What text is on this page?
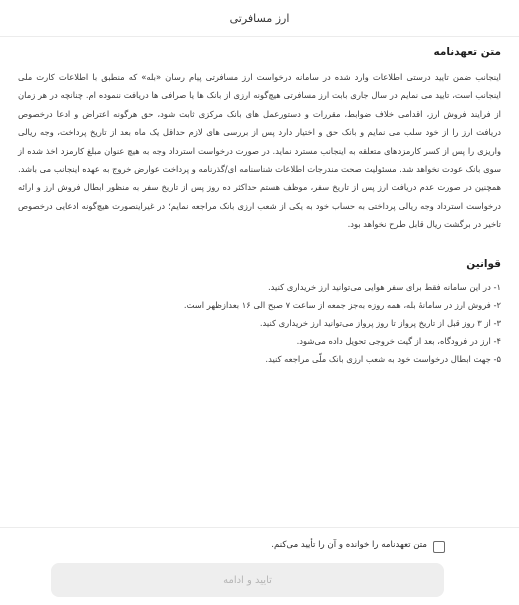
ارز مسافرتی
متن تعهدنامه

اینجانب ضمن تایید درستی اطلاعات وارد شده در سامانه درخواست ارز مسافرتی پیام رسان «بله» که منطبق با اطلاعات کارت ملی اینجانب است، تایید می نمایم در سال جاری بابت ارز مسافرتی هیچ‌گونه ارزی از بانک ها یا صرافی ها دریافت ننموده ام. چنانچه در هر زمان از فرایند فروش ارز، اقدامی خلاف ضوابط، مقررات و دستورعمل های بانک مرکزی ثابت شود، حق هرگونه اعتراض و ادعا درخصوص دریافت ارز را از خود سلب می نمایم و بانک حق و اختیار دارد پس از بررسی های لازم حداقل یک ماه بعد از تاریخ پرداخت، وجه ریالی واریزی را پس از کسر کارمزدهای متعلقه به اینجانب مسترد نماید. در صورت درخواست استرداد وجه به هیچ عنوان مبلغ کارمزد اخذ شده از سوی بانک عودت نخواهد شد. مسئولیت صحت مندرجات اطلاعات شناسنامه ای/گذرنامه و پرداخت عوارض خروج به عهده اینجانب می باشد. همچنین در صورت عدم دریافت ارز پس از تاریخ سفر، موظف هستم حداکثر ده روز پس از تاریخ سفر به منظور ابطال فروش ارز و ارائه درخواست استرداد وجه ریالی پرداختی به حساب خود به یکی از شعب ارزی بانک مراجعه نمایم؛ در غیراینصورت هیچ‌گونه ادعایی درخصوص تاخیر در برگشت ریال قابل طرح نخواهد بود.

قوانین
۱- در این سامانه فقط برای سفر هوایی می‌توانید ارز خریداری کنید.
۲- فروش ارز در سامانهٔ بله، همه روزه به‌جز جمعه از ساعت ۷ صبح الی ۱۶ بعدازظهر است.
۳- از ۳ روز قبل از تاریخ پرواز تا روز پرواز می‌توانید ارز خریداری کنید.
۴- ارز در فرودگاه، بعد از گیت خروجی تحویل داده می‌شود.
۵- جهت ابطال درخواست خود به شعب ارزی بانک ملّی مراجعه کنید.
متن تعهدنامه را خوانده و آن را تأیید می‌کنم.
تایید و ادامه
